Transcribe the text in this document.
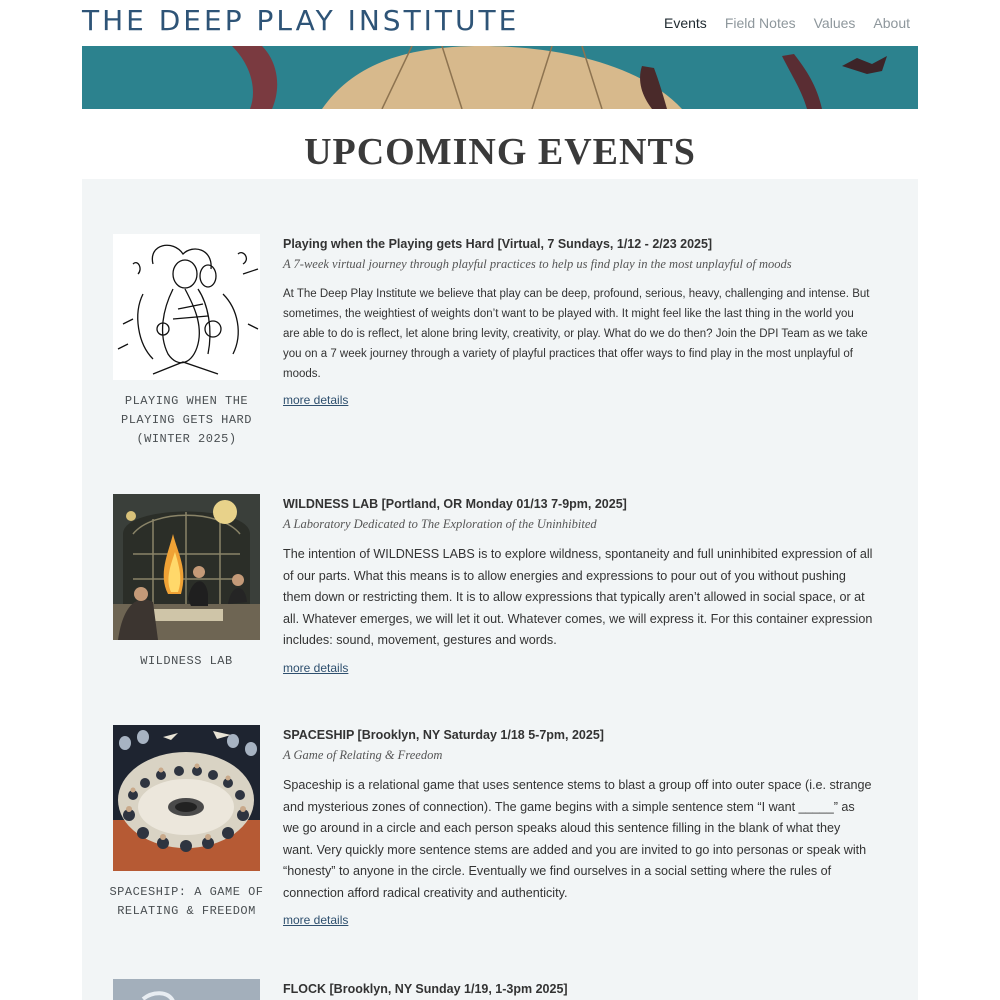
THE DEEP PLAY INSTITUTE	Events Field Notes Values About
UPCOMING EVENTS
PLAYING WHEN THE PLAYING GETS HARD (WINTER 2025)
Playing when the Playing gets Hard [Virtual, 7 Sundays, 1/12 - 2/23 2025]
A 7-week virtual journey through playful practices to help us find play in the most unplayful of moods

At The Deep Play Institute we believe that play can be deep, profound, serious, heavy, challenging and intense. But sometimes, the weightiest of weights don’t want to be played with. It might feel like the last thing in the world you are able to do is reflect, let alone bring levity, creativity, or play. What do we do then? Join the DPI Team as we take you on a 7 week journey through a variety of playful practices that offer ways to find play in the most unplayful of moods.

more details
WILDNESS LAB
WILDNESS LAB [Portland, OR Monday 01/13 7-9pm, 2025]
A Laboratory Dedicated to The Exploration of the Uninhibited

The intention of WILDNESS LABS is to explore wildness, spontaneity and full uninhibited expression of all of our parts. What this means is to allow energies and expressions to pour out of you without pushing them down or restricting them. It is to allow expressions that typically aren’t allowed in social space, or at all. Whatever emerges, we will let it out. Whatever comes, we will express it. For this container expression includes: sound, movement, gestures and words.

more details
SPACESHIP: A GAME OF RELATING & FREEDOM
SPACESHIP [Brooklyn, NY Saturday 1/18 5-7pm, 2025]
A Game of Relating & Freedom

Spaceship is a relational game that uses sentence stems to blast a group off into outer space (i.e. strange and mysterious zones of connection). The game begins with a simple sentence stem “I want _____” as we go around in a circle and each person speaks aloud this sentence filling in the blank of what they want. Very quickly more sentence stems are added and you are invited to go into personas or speak with “honesty” to anyone in the circle. Eventually we find ourselves in a social setting where the rules of connection afford radical creativity and authenticity.

more details
FLOCK [Brooklyn, NY Sunday 1/19, 1-3pm 2025]
